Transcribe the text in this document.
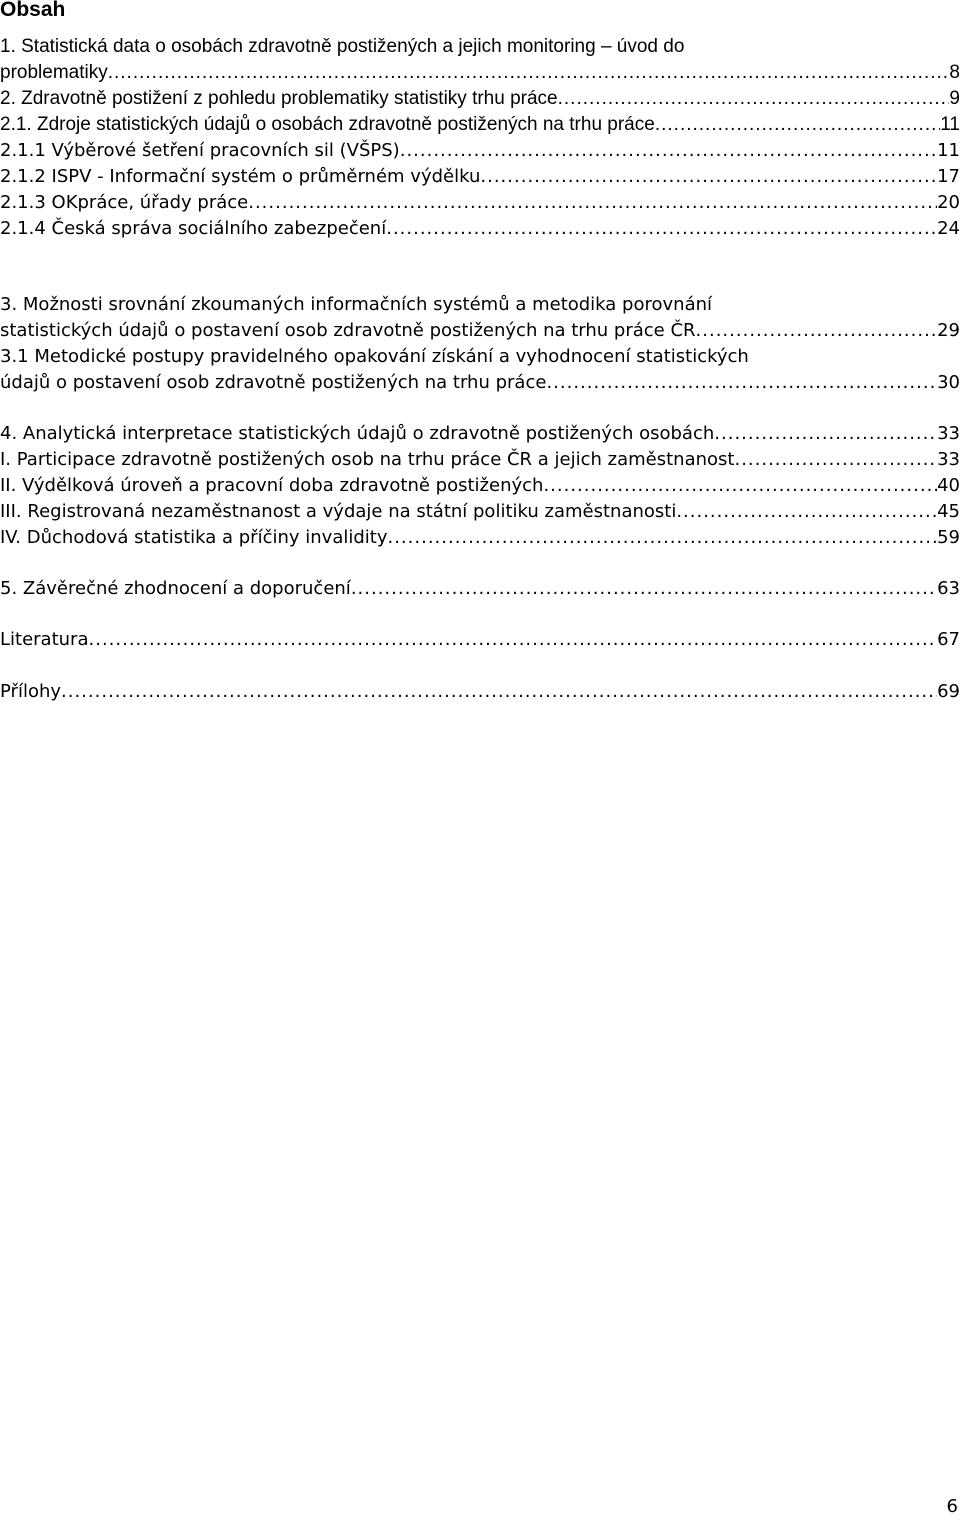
Obsah
1. Statistická data o osobách zdravotně postižených a jejich monitoring – úvod do
problematiky .....	8
2. Zdravotně postižení z pohledu problematiky statistiky trhu práce .....	9
2.1. Zdroje statistických údajů o osobách zdravotně postižených na trhu práce .....	11
2.1.1 Výběrové šetření pracovních sil (VŠPS) .....	11
2.1.2 ISPV - Informační systém o průměrném výdělku .....	17
2.1.3 OKpráce, úřady práce .....	20
2.1.4 Česká správa sociálního zabezpečení .....	24
3. Možnosti srovnání zkoumaných informačních systémů a metodika porovnání
statistických údajů o postavení osob zdravotně postižených na trhu práce ČR .....	29
3.1 Metodické postupy pravidelného opakování získání a vyhodnocení statistických
údajů o postavení osob zdravotně postižených na trhu práce .....	30
4. Analytická interpretace statistických údajů o zdravotně postižených osobách .....	33
I. Participace zdravotně postižených osob na trhu práce ČR a jejich zaměstnanost .....	33
II. Výdělková úroveň a pracovní doba zdravotně postižených .....	40
III. Registrovaná nezaměstnanost a výdaje na státní politiku zaměstnanosti .....	45
IV. Důchodová statistika a příčiny invalidity .....	59
5. Závěrečné zhodnocení a doporučení .....	63
Literatura .....	67
Přílohy .....	69
6
